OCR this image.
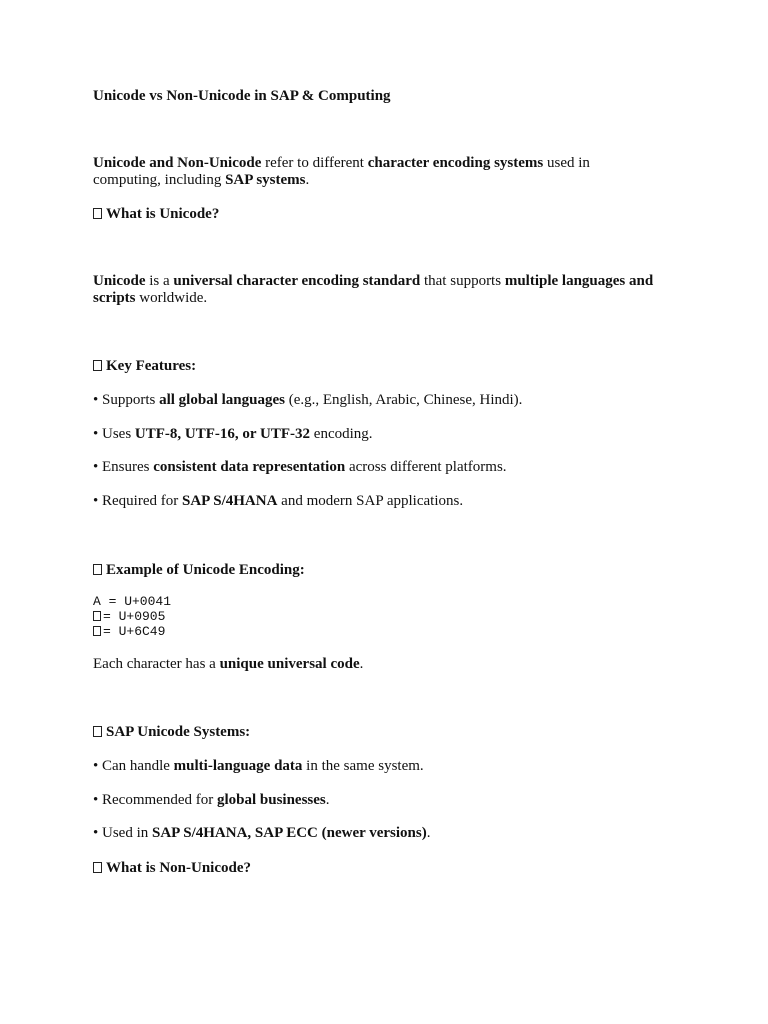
Unicode vs Non-Unicode in SAP & Computing
Unicode and Non-Unicode refer to different character encoding systems used in computing, including SAP systems.
What is Unicode?
Unicode is a universal character encoding standard that supports multiple languages and scripts worldwide.
Key Features:
• Supports all global languages (e.g., English, Arabic, Chinese, Hindi).
• Uses UTF-8, UTF-16, or UTF-32 encoding.
• Ensures consistent data representation across different platforms.
• Required for SAP S/4HANA and modern SAP applications.
Example of Unicode Encoding:
A = U+0041
= U+0905
= U+6C49
Each character has a unique universal code.
SAP Unicode Systems:
• Can handle multi-language data in the same system.
• Recommended for global businesses.
• Used in SAP S/4HANA, SAP ECC (newer versions).
What is Non-Unicode?
